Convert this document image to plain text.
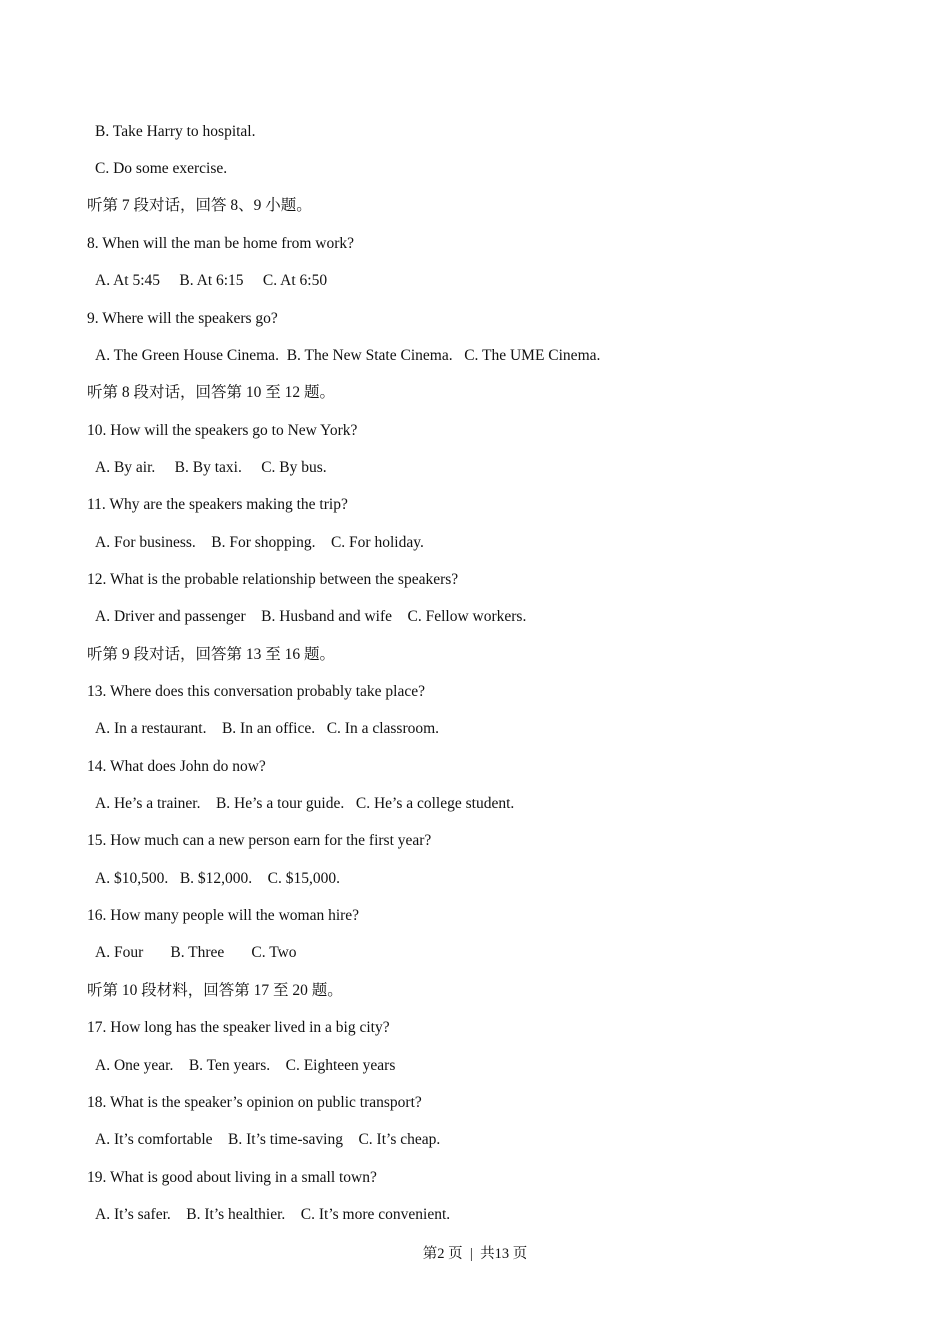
B. Take Harry to hospital.
C. Do some exercise.
听第 7 段对话，回答 8、9 小题。
8. When will the man be home from work?
A. At 5:45     B. At 6:15     C. At 6:50
9. Where will the speakers go?
A. The Green House Cinema.  B. The New State Cinema.   C. The UME Cinema.
听第 8 段对话，回答第 10 至 12 题。
10. How will the speakers go to New York?
A. By air.     B. By taxi.     C. By bus.
11. Why are the speakers making the trip?
A. For business.    B. For shopping.    C. For holiday.
12. What is the probable relationship between the speakers?
A. Driver and passenger    B. Husband and wife    C. Fellow workers.
听第 9 段对话，回答第 13 至 16 题。
13. Where does this conversation probably take place?
A. In a restaurant.    B. In an office.   C. In a classroom.
14. What does John do now?
A. He’s a trainer.    B. He’s a tour guide.   C. He’s a college student.
15. How much can a new person earn for the first year?
A. $10,500.   B. $12,000.    C. $15,000.
16. How many people will the woman hire?
A. Four       B. Three       C. Two
听第 10 段材料，回答第 17 至 20 题。
17. How long has the speaker lived in a big city?
A. One year.    B. Ten years.    C. Eighteen years
18. What is the speaker’s opinion on public transport?
A. It’s comfortable    B. It’s time-saving    C. It’s cheap.
19. What is good about living in a small town?
A. It’s safer.    B. It’s healthier.    C. It’s more convenient.
第2 页  |  共13 页
